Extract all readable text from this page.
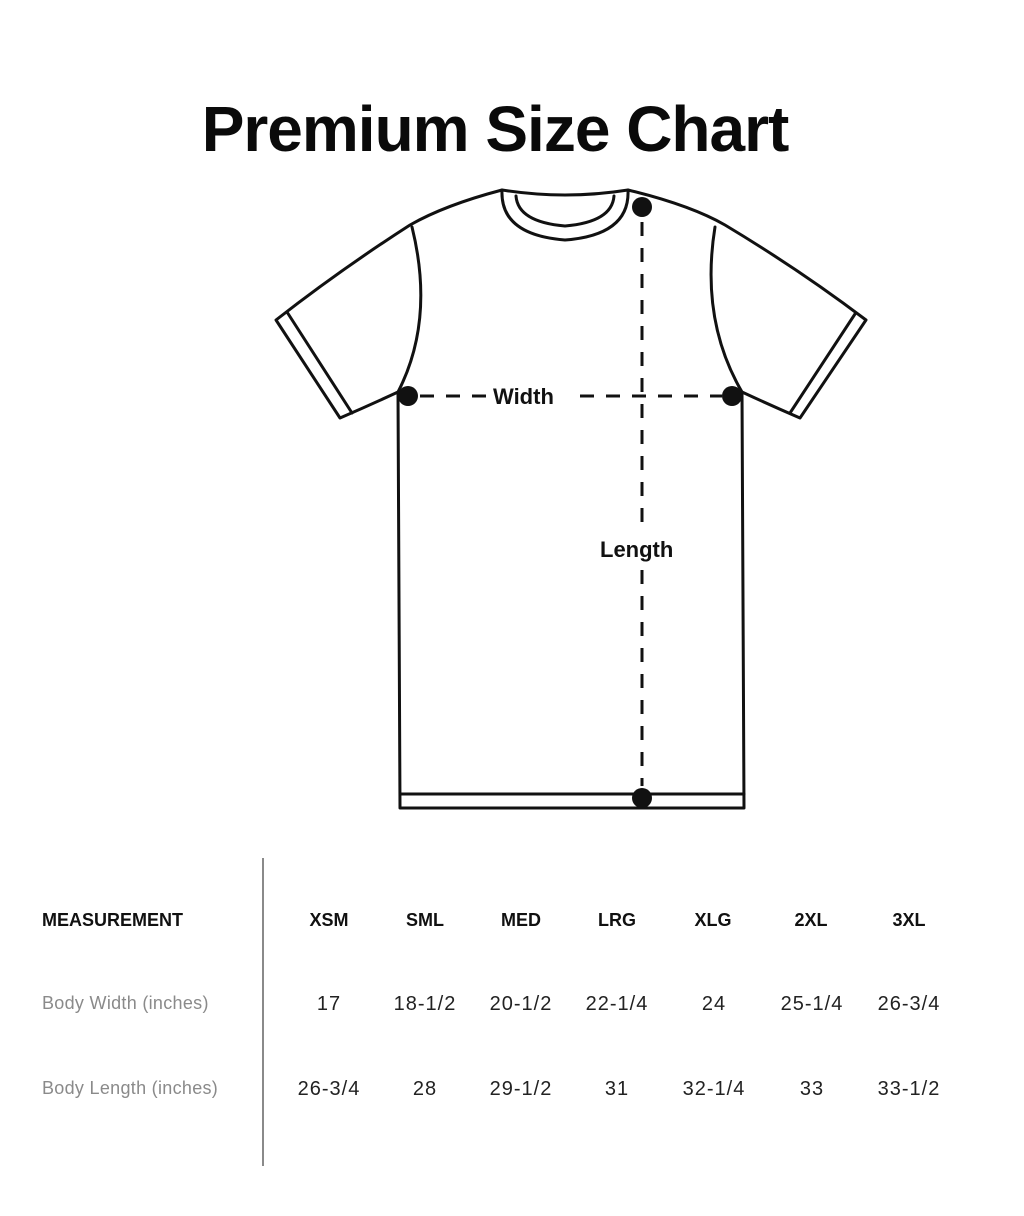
Premium Size Chart
Width
Length
MEASUREMENT	XSM	SML	MED	LRG	XLG	2XL	3XL
Body Width (inches)	17	18-1/2	20-1/2	22-1/4	24	25-1/4	26-3/4
Body Length (inches)	26-3/4	28	29-1/2	31	32-1/4	33	33-1/2
